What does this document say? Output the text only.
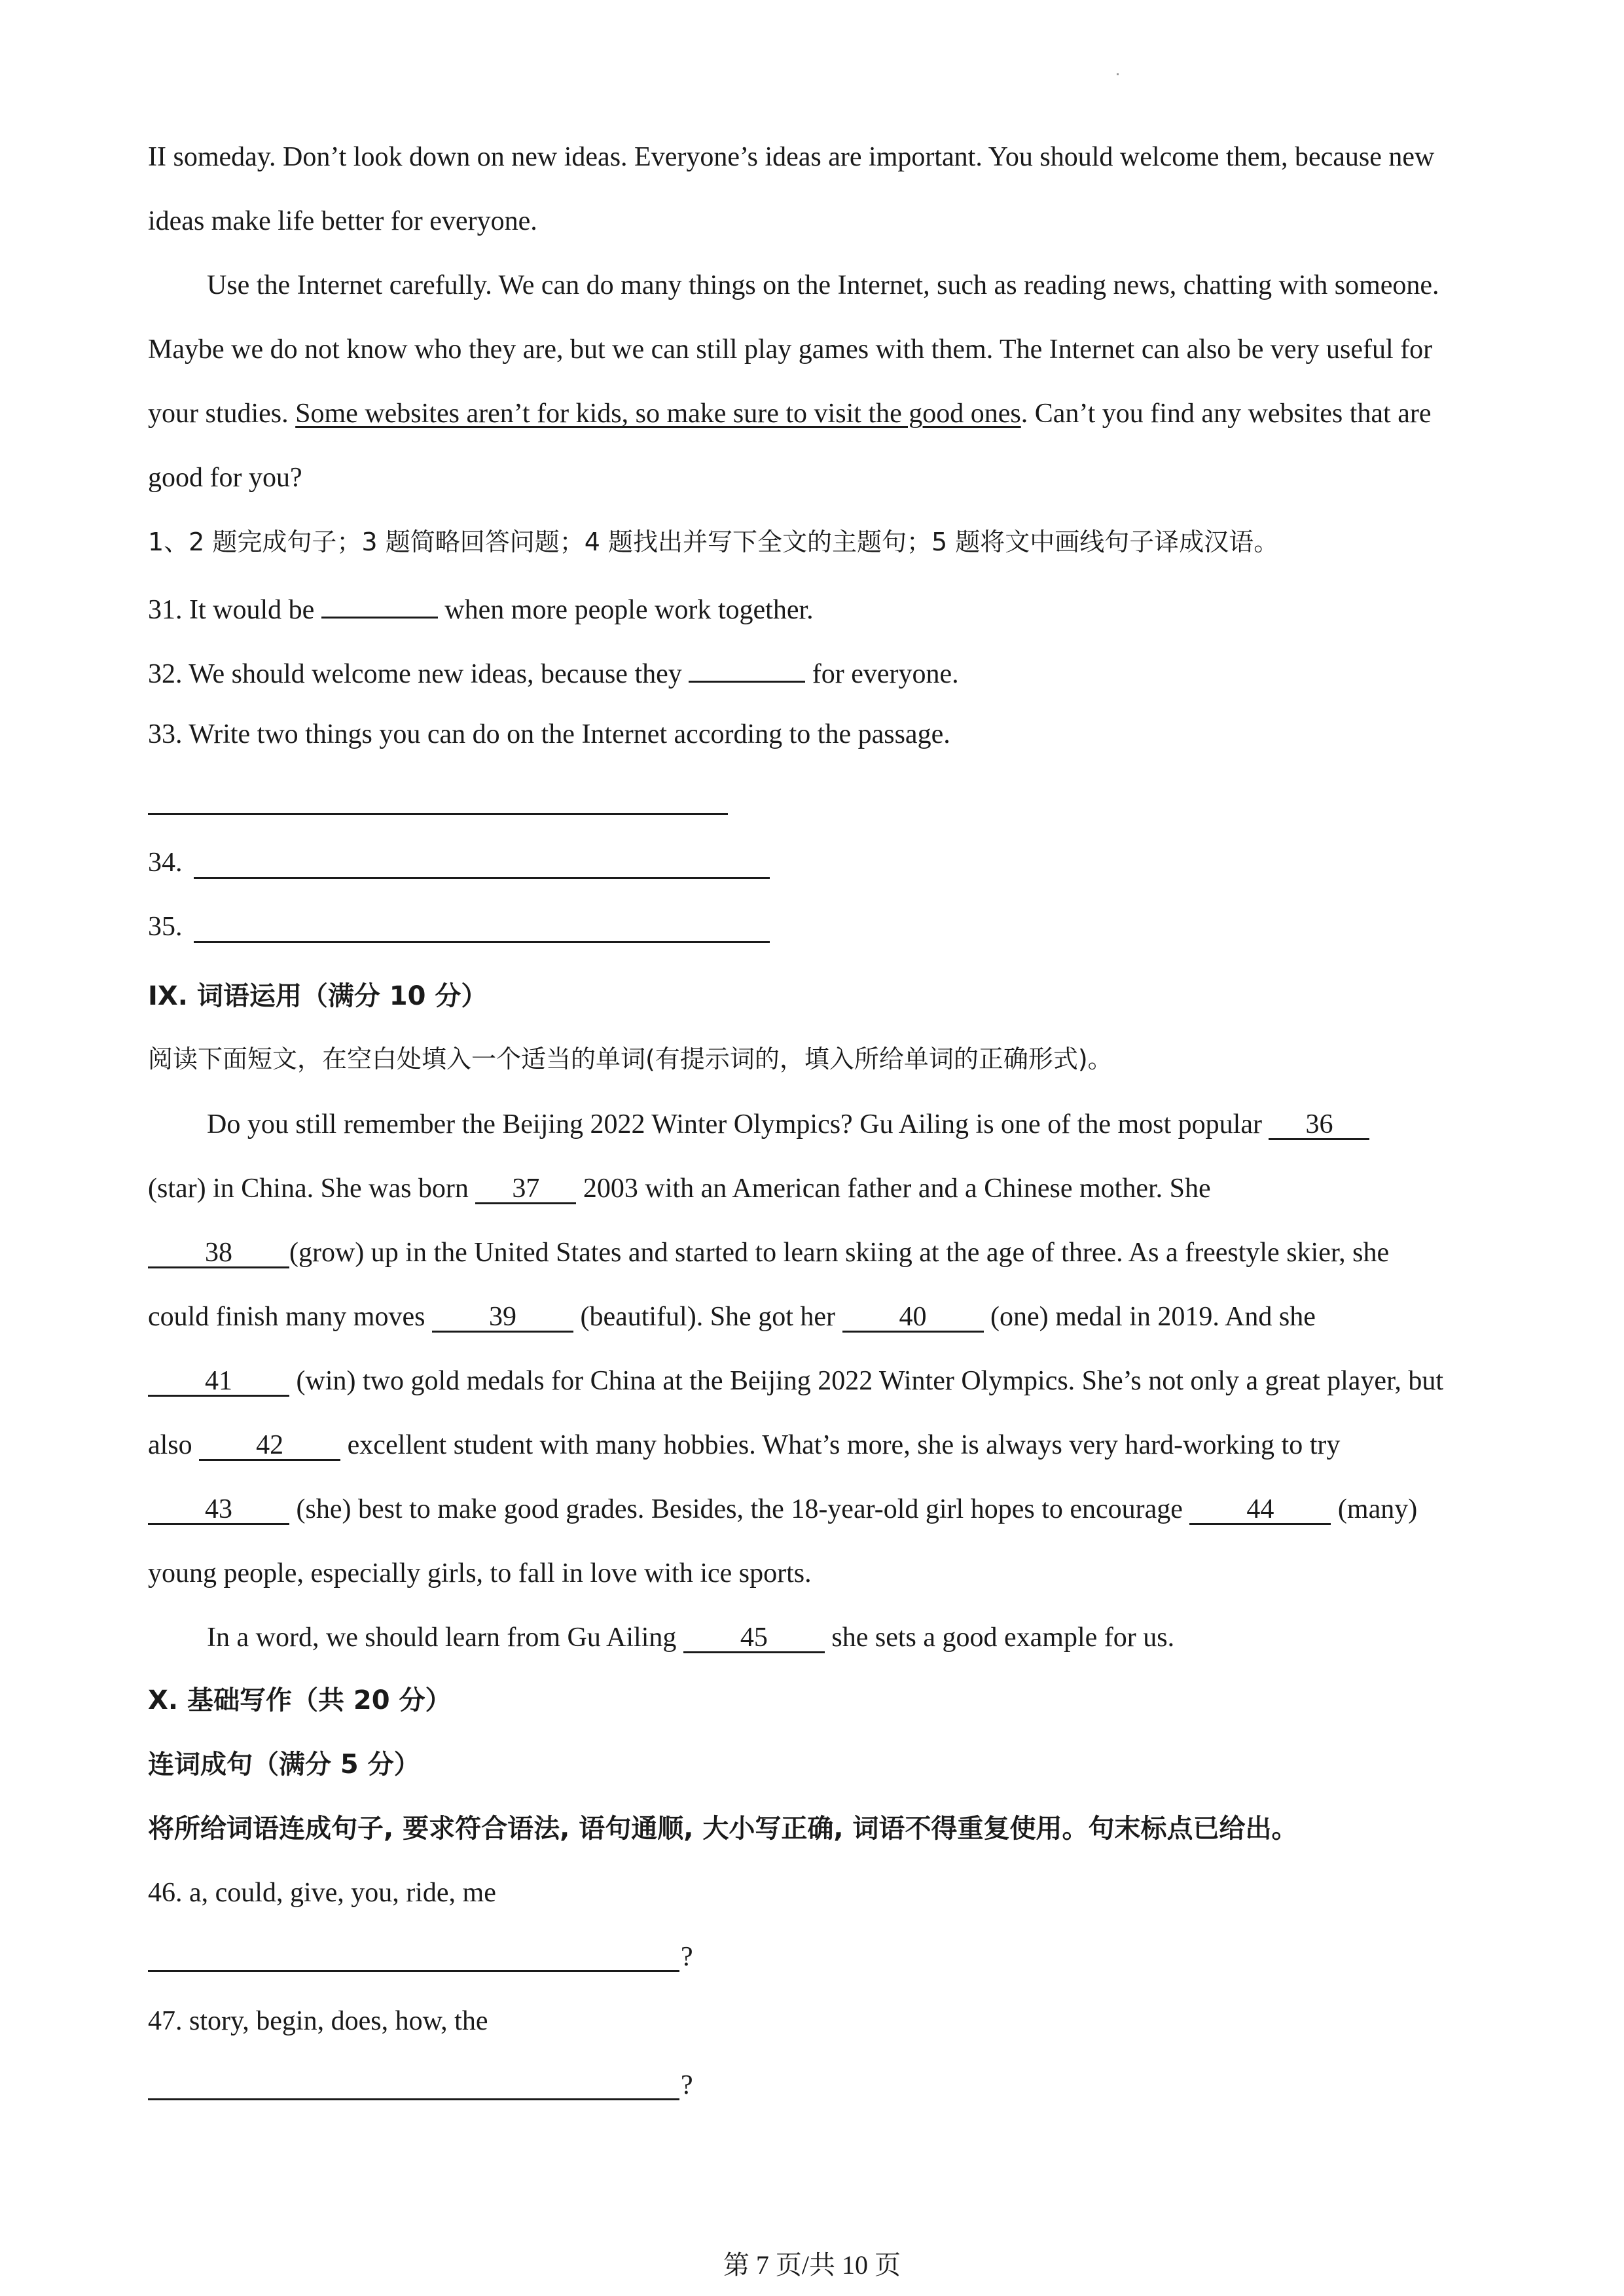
II someday. Don’t look down on new ideas. Everyone’s ideas are important. You should welcome them, because new
ideas make life better for everyone.
Use the Internet carefully. We can do many things on the Internet, such as reading news, chatting with someone.
Maybe we do not know who they are, but we can still play games with them. The Internet can also be very useful for
your studies. Some websites aren’t for kids, so make sure to visit the good ones. Can’t you find any websites that are
good for you?
1、2 题完成句子；3 题简略回答问题；4 题找出并写下全文的主题句；5 题将文中画线句子译成汉语。
31. It would be	when more people work together.
32. We should welcome new ideas, because they	for everyone.
33. Write two things you can do on the Internet according to the passage.
34.
35.
IX. 词语运用（满分 10 分）
阅读下面短文，在空白处填入一个适当的单词(有提示词的，填入所给单词的正确形式)。
Do you still remember the Beijing 2022 Winter Olympics? Gu Ailing is one of the most popular 36
(star) in China. She was born 37 2003 with an American father and a Chinese mother. She
38 (grow) up in the United States and started to learn skiing at the age of three. As a freestyle skier, she
could finish many moves 39 (beautiful). She got her 40 (one) medal in 2019. And she
41 (win) two gold medals for China at the Beijing 2022 Winter Olympics. She’s not only a great player, but
also 42 excellent student with many hobbies. What’s more, she is always very hard-working to try
43 (she) best to make good grades. Besides, the 18-year-old girl hopes to encourage 44 (many)
young people, especially girls, to fall in love with ice sports.
In a word, we should learn from Gu Ailing 45 she sets a good example for us.
X. 基础写作（共 20 分）
连词成句（满分 5 分）
将所给词语连成句子, 要求符合语法, 语句通顺, 大小写正确, 词语不得重复使用。句末标点已给出。
46. a, could, give, you, ride, me
?
47. story, begin, does, how, the
?
第 7 页/共 10 页
